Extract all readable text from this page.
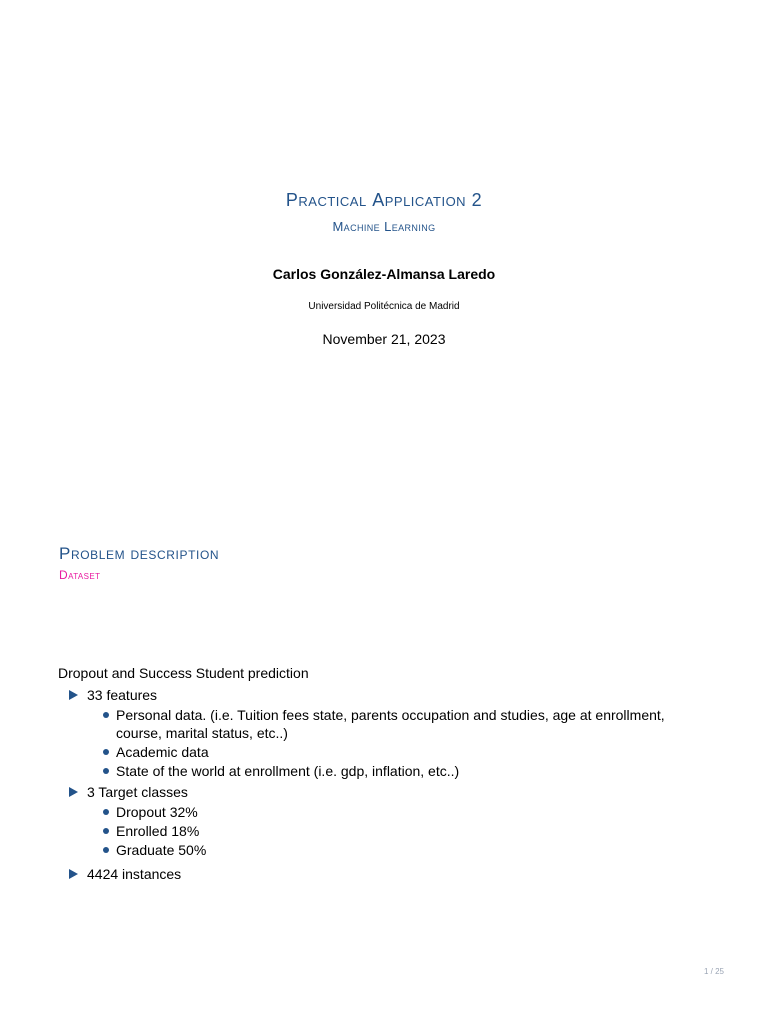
Practical Application 2
Machine Learning
Carlos González-Almansa Laredo
Universidad Politécnica de Madrid
November 21, 2023
Problem description
Dataset

Dropout and Success Student prediction

33 features
Personal data. (i.e. Tuition fees state, parents occupation and studies, age at enrollment, course, marital status, etc..)
Academic data
State of the world at enrollment (i.e. gdp, inflation, etc..)
3 Target classes
Dropout 32%
Enrolled 18%
Graduate 50%
4424 instances
1 / 25
